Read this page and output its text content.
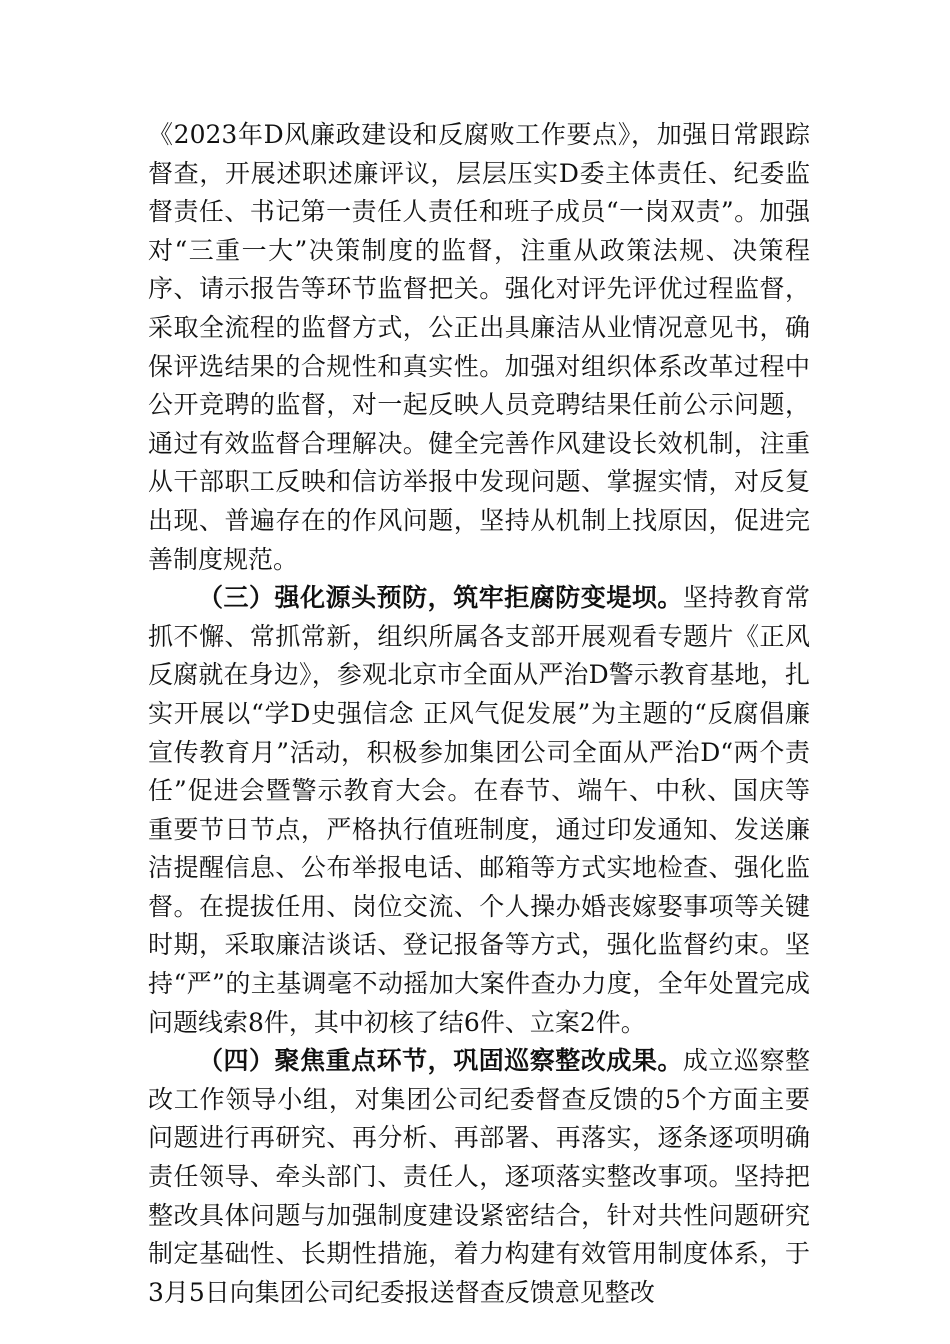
《2023年D风廉政建设和反腐败工作要点》，加强日常跟踪督查，开展述职述廉评议，层层压实D委主体责任、纪委监督责任、书记第一责任人责任和班子成员“一岗双责”。加强对“三重一大”决策制度的监督，注重从政策法规、决策程序、请示报告等环节监督把关。强化对评先评优过程监督，采取全流程的监督方式，公正出具廉洁从业情况意见书，确保评选结果的合规性和真实性。加强对组织体系改革过程中公开竞聘的监督，对一起反映人员竞聘结果任前公示问题，通过有效监督合理解决。健全完善作风建设长效机制，注重从干部职工反映和信访举报中发现问题、掌握实情，对反复出现、普遍存在的作风问题，坚持从机制上找原因，促进完善制度规范。

（三）强化源头预防，筑牢拒腐防变堤坝。坚持教育常抓不懈、常抓常新，组织所属各支部开展观看专题片《正风反腐就在身边》，参观北京市全面从严治D警示教育基地，扎实开展以“学D史强信念 正风气促发展”为主题的“反腐倡廉宣传教育月”活动，积极参加集团公司全面从严治D“两个责任”促进会暨警示教育大会。在春节、端午、中秋、国庆等重要节日节点，严格执行值班制度，通过印发通知、发送廉洁提醒信息、公布举报电话、邮箱等方式实地检查、强化监督。在提拔任用、岗位交流、个人操办婚丧嫁娶事项等关键时期，采取廉洁谈话、登记报备等方式，强化监督约束。坚持“严”的主基调毫不动摇加大案件查办力度，全年处置完成问题线索8件，其中初核了结6件、立案2件。

（四）聚焦重点环节，巩固巡察整改成果。成立巡察整改工作领导小组，对集团公司纪委督查反馈的5个方面主要问题进行再研究、再分析、再部署、再落实，逐条逐项明确责任领导、牵头部门、责任人，逐项落实整改事项。坚持把整改具体问题与加强制度建设紧密结合，针对共性问题研究制定基础性、长期性措施，着力构建有效管用制度体系，于3月5日向集团公司纪委报送督查反馈意见整改
